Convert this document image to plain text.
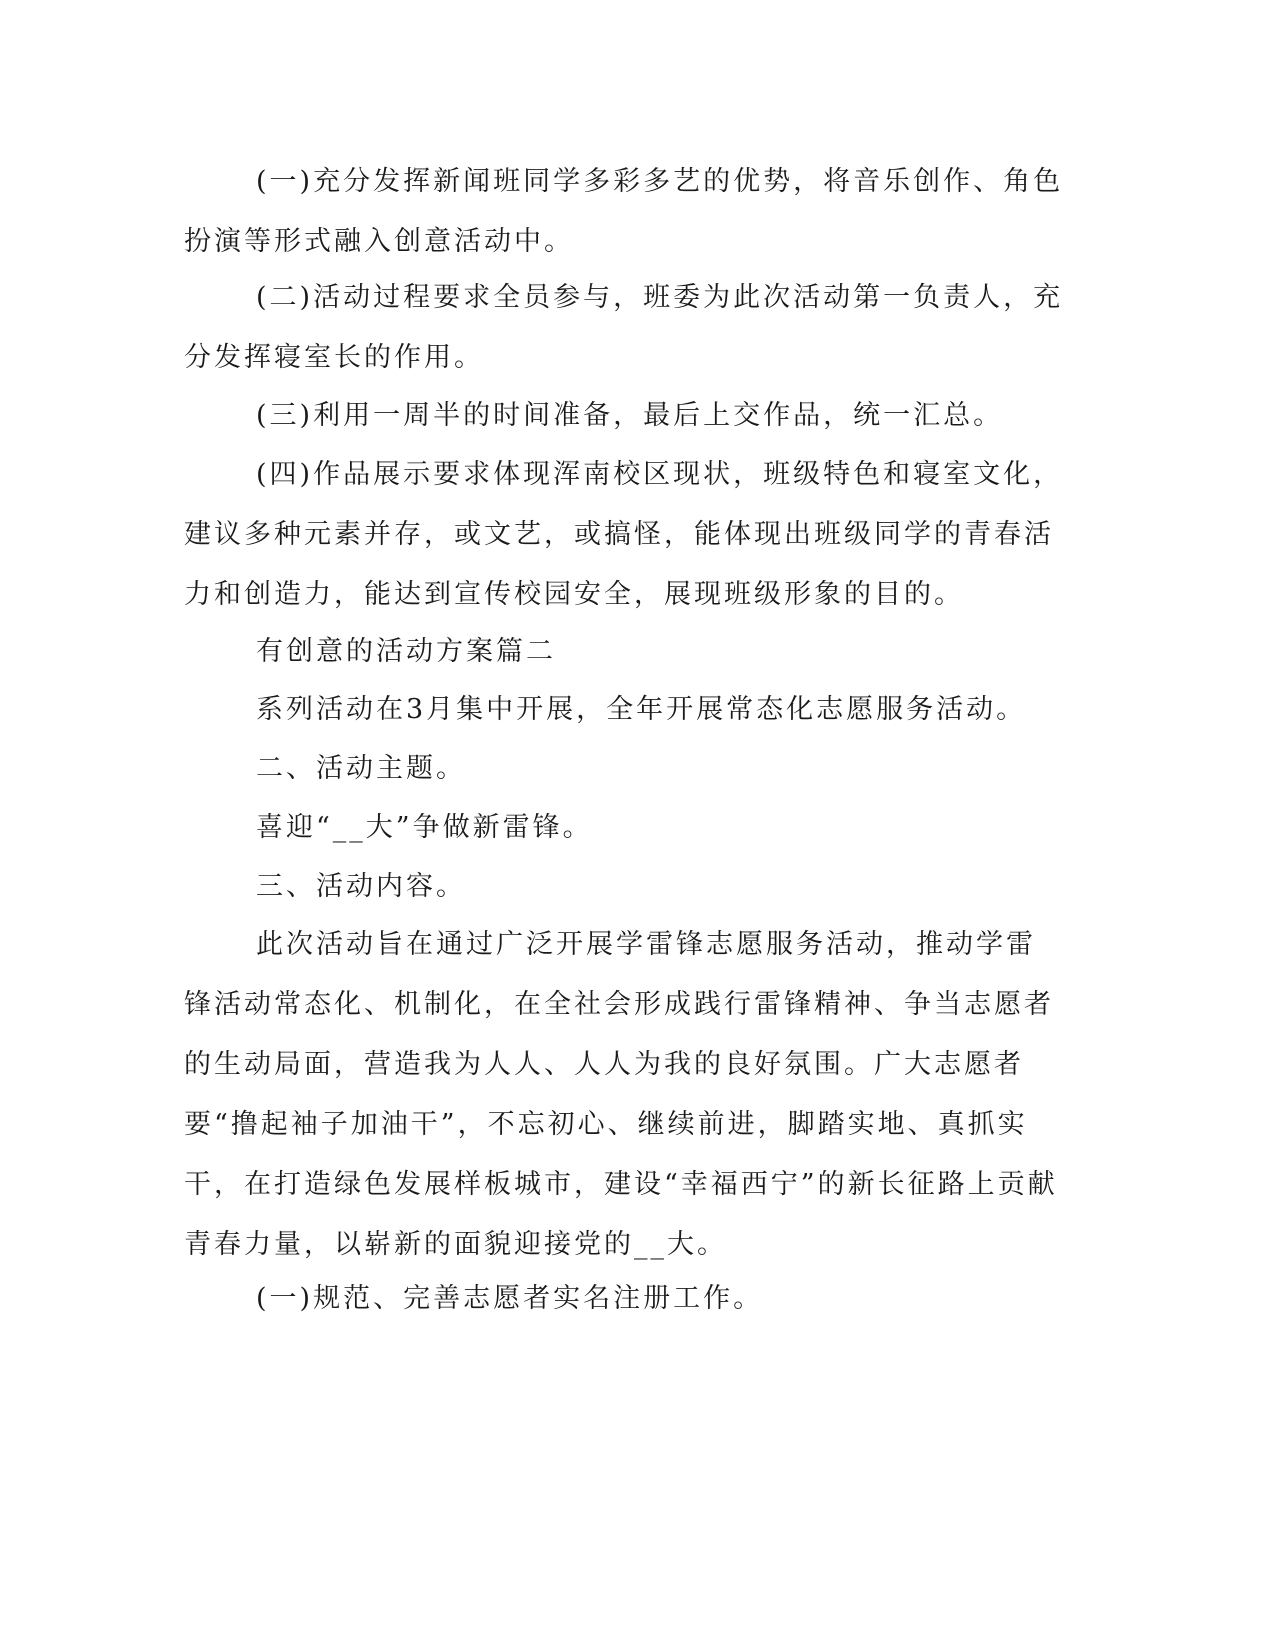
(一)充分发挥新闻班同学多彩多艺的优势，将音乐创作、角色扮演等形式融入创意活动中。

(二)活动过程要求全员参与，班委为此次活动第一负责人，充分发挥寝室长的作用。

(三)利用一周半的时间准备，最后上交作品，统一汇总。

(四)作品展示要求体现浑南校区现状，班级特色和寝室文化，建议多种元素并存，或文艺，或搞怪，能体现出班级同学的青春活力和创造力，能达到宣传校园安全，展现班级形象的目的。

有创意的活动方案篇二

系列活动在3月集中开展，全年开展常态化志愿服务活动。

二、活动主题。

喜迎“__大”争做新雷锋。

三、活动内容。

此次活动旨在通过广泛开展学雷锋志愿服务活动，推动学雷锋活动常态化、机制化，在全社会形成践行雷锋精神、争当志愿者的生动局面，营造我为人人、人人为我的良好氛围。广大志愿者要“撸起袖子加油干”，不忘初心、继续前进，脚踏实地、真抓实干，在打造绿色发展样板城市，建设“幸福西宁”的新长征路上贡献青春力量，以崭新的面貌迎接党的__大。

(一)规范、完善志愿者实名注册工作。
